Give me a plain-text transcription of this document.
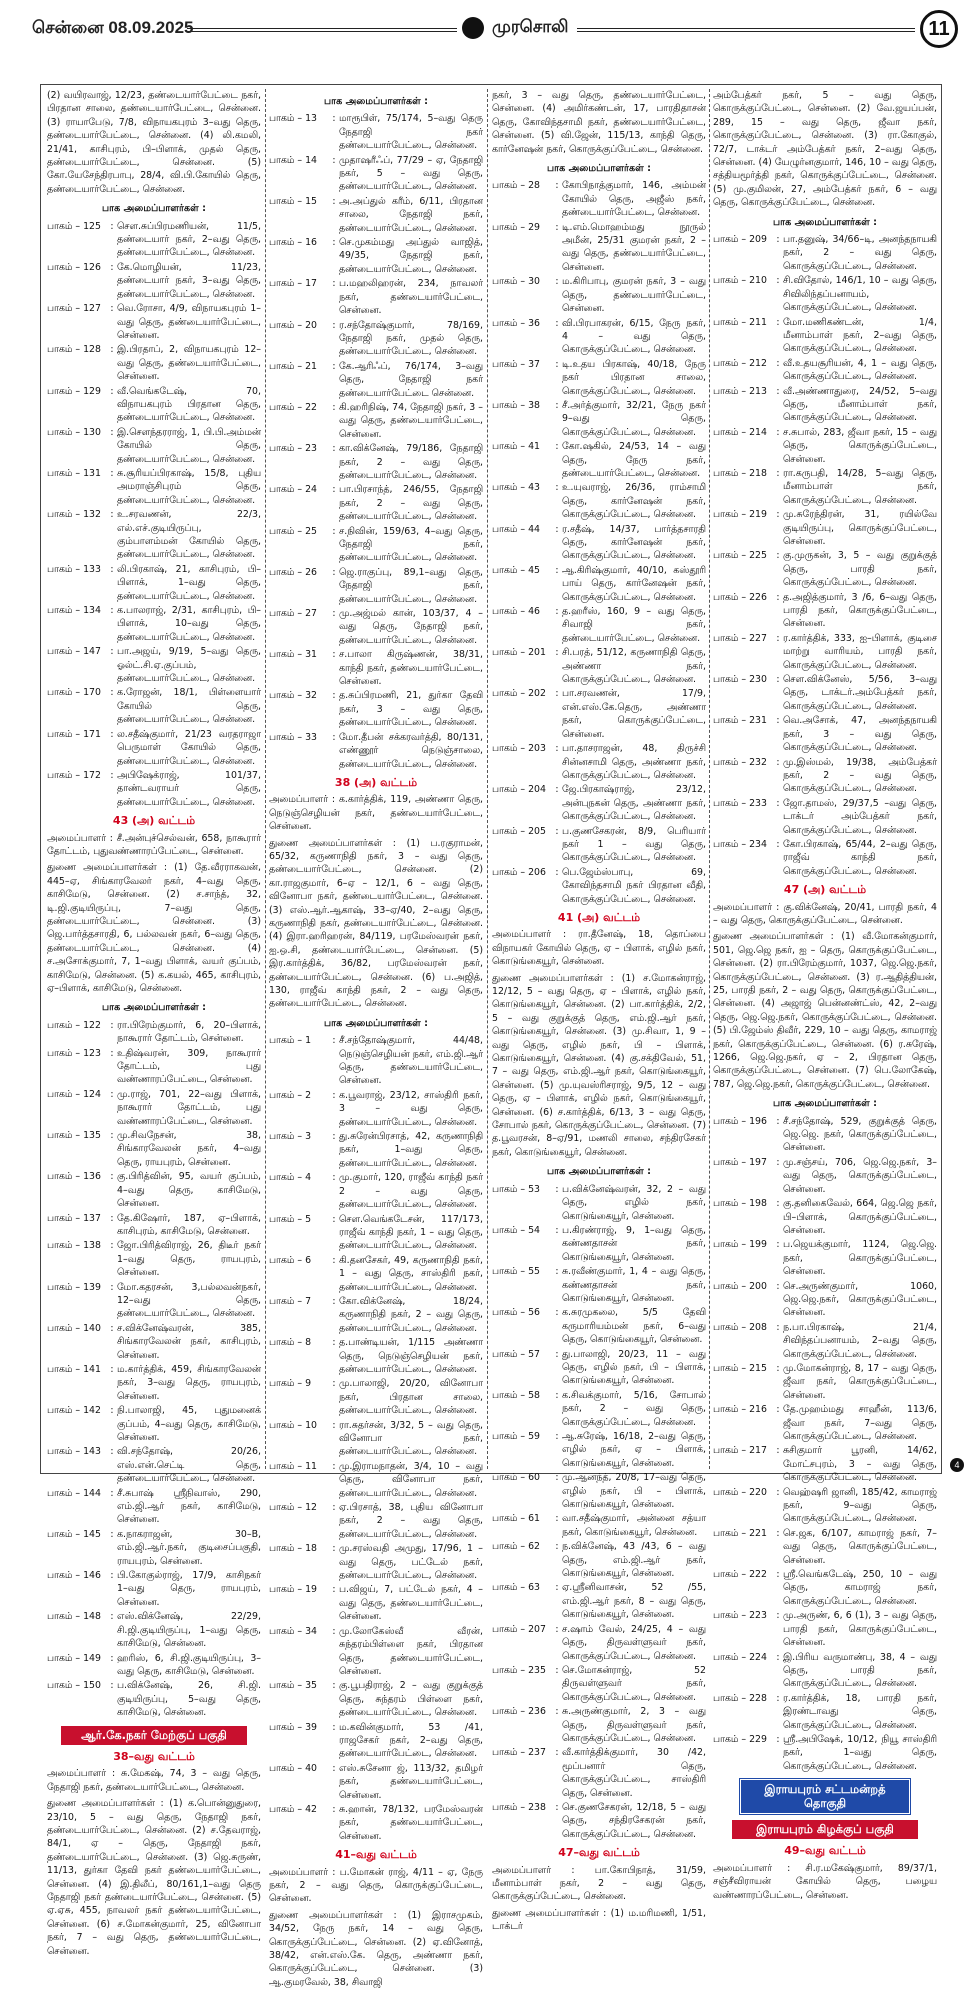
சென்னை 08.09.2025	முரசொலி	11
(2) வயிரவாஜ், 12/23, தண்டையார்பேட்டை நகர், பிரதான சாலை, தண்டையார்பேட்டை, சென்னை. (3) ராயாபேடு, 7/8, விநாயகபுரம் 3–வது தெரு, தண்டையார்பேட்டை, சென்னை. (4) லி.கமலி, 21/41, காசிபுரம், பி–பிளாக், முதல் தெரு, தண்டையார்பேட்டை, சென்னை. (5) கோ.யேசேந்திரபாபு, 28/4, வி.பி.கோயில் தெரு, தண்டையார்பேட்டை, சென்னை.
பாக அமைப்பாளர்கள் :
பாகம் – 125	: சௌ.சுப்பிரமணியன், 11/5, தண்டையார் நகர், 2–வது தெரு, தண்டையார்பேட்டை, சென்னை.
பாகம் – 126	: கே.மொழியன், 11/23, தண்டையார் நகர், 3–வது தெரு, தண்டையார்பேட்டை, சென்னை.
பாகம் – 127	: வெ.ரோசா, 4/9, விநாயகபுரம் 1–வது தெரு, தண்டையார்பேட்டை, சென்னை.
பாகம் – 128	: இ.பிரதாப், 2, விநாயகபுரம் 12–வது தெரு, தண்டையார்பேட்டை, சென்னை.
பாகம் – 129	: வீ.வெங்கடேஷ், 70, விநாயகபுரம் பிரதான தெரு, தண்டையார்பேட்டை, சென்னை.
பாகம் – 130	: இ.சௌந்தரராஜ், 1, பி.பி.அம்மன் கோயில் தெரு, தண்டையார்பேட்டை, சென்னை.
பாகம் – 131	: சு.சூரியப்பிரகாஷ், 15/8, புதிய அமராஞ்சிபுரம் தெரு, தண்டையார்பேட்டை, சென்னை.
பாகம் – 132	: உ.சரவணன், 22/3, எல்.எச்.குடியிருப்பு, கும்பாளம்மன் கோயில் தெரு, தண்டையார்பேட்டை, சென்னை.
பாகம் – 133	: லி.பிரகாஷ், 21, காசிபுரம், பி–பிளாக், 1–வது தெரு, தண்டையார்பேட்டை, சென்னை.
பாகம் – 134	: க.பாலராஜ், 2/31, காசிபுரம், பி–பிளாக், 10–வது தெரு, தண்டையார்பேட்டை, சென்னை.
பாகம் – 147	: பா.அஜய், 9/19, 5–வது தெரு, ஓல்ட்.சி.ஏ.குப்பம், தண்டையார்பேட்டை, சென்னை.
பாகம் – 170	: க.ரோஜன், 18/1, பிள்ளையார் கோயில் தெரு, தண்டையார்பேட்டை, சென்னை.
பாகம் – 171	: ல.சதீஷ்குமார், 21/23 வரதராஜா பெருமாள் கோயில் தெரு, தண்டையார்பேட்டை, சென்னை.
பாகம் – 172	: அபிஷேக்ராஜ், 101/37, தாண்டவராயர் தெரு, தண்டையார்பேட்டை, சென்னை.
43 (அ) வட்டம்
அமைப்பாளர் : சீ.அன்புச்செல்வன், 658, நாகூரார் தோட்டம், புதுவண்ணாரப்பேட்டை, சென்னை.
துணை அமைப்பாளர்கள் : (1) தே.வீரராகவன், 445–ஏ, சிங்காரவேலர் நகர், 4–வது தெரு, காசிமேடு, சென்னை. (2) ச.சாந்த், 32, டி.ஜி.குடியிருப்பு, 7–வது தெரு, தண்டையார்பேட்டை, சென்னை. (3) ஜெ.பார்த்தசாரதி, 6, பல்லவன் நகர், 6–வது தெரு, தண்டையார்பேட்டை, சென்னை. (4) ச.அசோக்குமார், 7, 1–வது பிளாக், வயர் குப்பம், காசிமேடு, சென்னை. (5) க.கயல், 465, காசிபுரம், ஏ–பிளாக், காசிமேடு, சென்னை.
பாக அமைப்பாளர்கள் :
பாகம் – 122	: ரா.பிரேம்குமார், 6, 20–பிளாக், நாகூரார் தோட்டம், சென்னை.
பாகம் – 123	: உதிஷ்வரன், 309, நாகூரார் தோட்டம், புது வண்ணாரப்பேட்டை, சென்னை.
பாகம் – 124	: மு.ராஜ், 701, 22–வது பிளாக், நாகூரார் தோட்டம், புது வண்ணாரப்பேட்டை, சென்னை.
பாகம் – 135	: மு.சிவநேசன், 38, சிங்காரவேலன் நகர், 4–வது தெரு, ராயபுரம், சென்னை.
பாகம் – 136	: கு.பிரித்வின், 95, வயர் குப்பம், 4–வது தெரு, காசிமேடு, சென்னை.
பாகம் – 137	: தே.கிஷோர், 187, ஏ–பிளாக், காசிபுரம், காசிமேடு, சென்னை.
பாகம் – 138	: ஜோ.பிரித்விராஜ், 26, திடீர் நகர் 1–வது தெரு, ராயபுரம், சென்னை.
பாகம் – 139	: மோ.கதரசன், 3,பல்லவன்நகர், 12–வது தெரு, தண்டையார்பேட்டை, சென்னை.
பாகம் – 140	: ச.விக்னேஷ்வரன், 385, சிங்காரவேலன் நகர், காசிபுரம், சென்னை.
பாகம் – 141	: ம.கார்த்திக், 459, சிங்காரவேலன் நகர், 3–வது தெரு, ராயபுரம், சென்னை.
பாகம் – 142	: நி.பாலாஜி, 45, புதுமனைக் குப்பம், 4–வது தெரு, காசிமேடு, சென்னை.
பாகம் – 143	: வி.சந்தோஷ், 20/26, எஸ்.என்.செட்டி தெரு, தண்டையார்பேட்டை, சென்னை.
பாகம் – 144	: சீ.சுபாஷ் ஸ்ரீநிவாஸ், 290, எம்.ஜி.ஆர் நகர், காசிமேடு, சென்னை.
பாகம் – 145	: க.நாகராஜன், 30–B, எம்.ஜி.ஆர்.நகர், குடிசைப்பகுதி, ராயபுரம், சென்னை.
பாகம் – 146	: பி.கோகுல்ராஜ், 17/9, காசிநகர் 1–வது தெரு, ராயபுரம், சென்னை.
பாகம் – 148	: எஸ்.விக்னேஷ், 22/29, சி.ஜி.குடியிருப்பு, 1–வது தெரு, காசிமேடு, சென்னை.
பாகம் – 149	: ஹரிஸ், 6, சி.ஜி.குடியிருப்பு, 3–வது தெரு, காசிமேடு, சென்னை.
பாகம் – 150	: ப.விக்னேஷ், 26, சி.ஜி. குடியிருப்பு, 5–வது தெரு, காசிமேடு, சென்னை.
ஆர்.கே.நகர் மேற்குப் பகுதி
38–வது வட்டம்
அமைப்பாளர் : சு.மேகஷ், 74, 3 – வது தெரு, நேதாஜி நகர், தண்டையார்பேட்டை, சென்னை.
துணை அமைப்பாளர்கள் : (1) க.பொன்னுதுரை, 23/10, 5 – வது தெரு, நேதாஜி நகர், தண்டையார்பேட்டை, சென்னை. (2) ச.தேவராஜ், 84/1, ஏ – தெரு, நேதாஜி நகர், தண்டையார்பேட்டை, சென்னை. (3) ஜெ.சுருண், 11/13, துர்கா தேவி நகர் தண்டையார்பேட்டை, சென்னை. (4) இ.திலீப், 80/161,1–வது தெரு நேதாஜி நகர் தண்டையார்பேட்டை, சென்னை. (5) ஏ.ஏசு, 455, நாவலர் நகர் தண்டையார்பேட்டை, சென்னை. (6) ச.மோகன்குமார், 25, வினோபா நகர், 7 – வது தெரு, தண்டையார்பேட்டை, சென்னை.
பாக அமைப்பாளர்கள் :
பாகம் – 13	: மாரூபிள், 75/174, 5–வது தெரு நேதாஜி நகர் தண்டையார்பேட்டை, சென்னை.
பாகம் – 14	: முதாஷரீஃப், 77/29 – ஏ, நேதாஜி நகர், 5 – வது தெரு, தண்டையார்பேட்டை, சென்னை.
பாகம் – 15	: அ.அப்துல் கரீம், 6/11, பிரதான சாலை, நேதாஜி நகர், தண்டையார்பேட்டை, சென்னை.
பாகம் – 16	: செ.முகம்மது அப்துல் வாஜித், 49/35, நேதாஜி நகர், தண்டையார்பேட்டை, சென்னை.
பாகம் – 17	: ப.மஹலிஹரன், 234, நாவலர் நகர், தண்டையார்பேட்டை, சென்னை.
பாகம் – 20	: ர.சந்தோஷ்குமார், 78/169, நேதாஜி நகர், முதல் தெரு, தண்டையார்பேட்டை, சென்னை.
பாகம் – 21	: கே.ஆரிஃப், 76/174, 3–வது தெரு, நேதாஜி நகர் தண்டையார்பேட்டை சென்னை.
பாகம் – 22	: கி.ஹரிநிஷ், 74, நேதாஜி நகர், 3 – வது தெரு, தண்டையார்பேட்டை, சென்னை.
பாகம் – 23	: கா.விக்னேஷ், 79/186, நேதாஜி நகர், 2 – வது தெரு, தண்டையார்பேட்டை, சென்னை.
பாகம் – 24	: பா.பிரசாந்த், 246/55, நேதாஜி நகர், 2 – வது தெரு, தண்டையார்பேட்டை, சென்னை.
பாகம் – 25	: ச.நிவின், 159/63, 4–வது தெரு, நேதாஜி நகர், தண்டையார்பேட்டை, சென்னை.
பாகம் – 26	: ஜெ.ராகுப்பு, 89,1–வது தெரு, நேதாஜி நகர், தண்டையார்பேட்டை, சென்னை.
பாகம் – 27	: மு.அஜ்மல் கான், 103/37, 4 – வது தெரு, நேதாஜி நகர், தண்டையார்பேட்டை, சென்னை.
பாகம் – 31	: ச.பாலா கிருஷ்ணன், 38/31, காந்தி நகர், தண்டையார்பேட்டை, சென்னை.
பாகம் – 32	: த.சுப்பிரமணி, 21, துர்கா தேவி நகர், 3 – வது தெரு, தண்டையார்பேட்டை, சென்னை.
பாகம் – 33	: மோ.தீபன் சக்கரவர்த்தி, 80/131, எண்ணூர் நெடுஞ்சாலை, தண்டையார்பேட்டை, சென்னை.
38 (அ) வட்டம்
அமைப்பாளர் : க.கார்த்திக், 119, அண்ணா தெரு, நெடுஞ்செழியன் நகர், தண்டையார்பேட்டை, சென்னை.
துணை அமைப்பாளர்கள் : (1) ப.ரகுராமன், 65/32, கருணாநிதி நகர், 3 – வது தெரு, தண்டையார்பேட்டை, சென்னை. (2) கா.ராஜகுமார், 6–ஏ – 12/1, 6 – வது தெரு, வினோபா நகர், தண்டையார்பேட்டை, சென்னை. (3) எஸ்.ஆர்.ஆகாஷ், 33–ஏ/40, 2–வது தெரு, கருணாநிதி நகர், தண்டையார்பேட்டை, சென்னை. (4) இரா.ஹரிஹரன், 84/119, பரமேஸ்வரன் நகர், ஐ.ஒ.சி, தண்டையார்பேட்டை, சென்னை. (5) இர.கார்த்திக், 36/82, பரமேஸ்வரன் நகர், தண்டையார்பேட்டை, சென்னை. (6) ப.அஜித், 130, ராஜீவ் காந்தி நகர், 2 – வது தெரு, தண்டையார்பேட்டை, சென்னை.
பாக அமைப்பாளர்கள் :
பாகம் – 1	: சீ.சந்தோஷ்குமார், 44/48, நெடுஞ்செழியன் நகர், எம்.ஜி.ஆர் தெரு, தண்டையார்பேட்டை, சென்னை.
பாகம் – 2	: க.பூவராஜ், 23/12, சாஸ்திரி நகர், 3 – வது தெரு, தண்டையார்பேட்டை, சென்னை.
பாகம் – 3	: து.சுரேன்பிரசாத், 42, கருணாநிதி நகர், 1–வது தெரு, தண்டையார்பேட்டை, சென்னை.
பாகம் – 4	: மு.குமார், 120, ராஜீவ் காந்தி நகர் 2 – வது தெரு, தண்டையார்பேட்டை, சென்னை.
பாகம் – 5	: சௌ.வெங்கடேசன், 117/173, ராஜீவ் காந்தி நகர், 1 – வது தெரு, தண்டையார்பேட்டை, சென்னை.
பாகம் – 6	: கி.தனசேகர், 49, கருணாநிதி நகர், 1 – வது தெரு, சாஸ்திரி நகர், தண்டையார்பேட்டை, சென்னை.
பாகம் – 7	: கோ.விக்னேஷ், 18/24, கருணாநிதி நகர், 2 – வது தெரு, தண்டையார்பேட்டை, சென்னை.
பாகம் – 8	: த.பாண்டியன், 1/115 அண்ணா தெரு, நெடுஞ்செழியன் நகர், தண்டையார்பேட்டை, சென்னை.
பாகம் – 9	: மு.பாலாஜி, 20/20, வினோபா நகர், பிரதான சாலை, தண்டையார்பேட்டை, சென்னை.
பாகம் – 10	: ரா.சுதர்சன், 3/32, 5 – வது தெரு, வினோபா நகர், தண்டையார்பேட்டை, சென்னை.
பாகம் – 11	: மு.இராமநாதன், 3/4, 10 – வது தெரு, வினோபா நகர், தண்டையார்பேட்டை, சென்னை.
பாகம் – 12	: ஏ.பிரசாத், 38, புதிய வினோபா நகர், 2 – வது தெரு, தண்டையார்பேட்டை, சென்னை.
பாகம் – 18	: மு.சரஸ்வதி அமுது, 17/96, 1 – வது தெரு, பட்டேல் நகர், தண்டையார்பேட்டை, சென்னை.
பாகம் – 19	: ப.விஜய், 7, பட்டேல் நகர், 4 – வது தெரு, தண்டையார்பேட்டை, சென்னை.
பாகம் – 34	: மு.லோகேஸ்வீ வீரன், சுந்தரம்பிள்ளை நகர், பிரதான தெரு, தண்டையார்பேட்டை, சென்னை.
பாகம் – 35	: கு.பூபதிராஜ், 2 – வது குறுக்குத் தெரு, சுந்தரம் பிள்ளை நகர், தண்டையார்பேட்டை, சென்னை.
பாகம் – 39	: ம.கவின்குமார், 53 /41, ராஜசேகர் நகர், 2–வது தெரு, தண்டையார்பேட்டை, சென்னை.
பாகம் – 40	: எஸ்.சுசேனா ஜ், 113/32, தமிழர் நகர், தண்டையார்பேட்டை, சென்னை.
பாகம் – 42	: சு.ஹான், 78/132, பரமேஸ்வரன் நகர், தண்டையார்பேட்டை, சென்னை.
41–வது வட்டம்
அமைப்பாளர் : ப.மோகன் ராஜ், 4/11 – ஏ, நேரு நகர், 2 – வது தெரு, கொருக்குப்பேட்டை, சென்னை.
துணை அமைப்பாளர்கள் : (1) இராசமுகம், 34/52, நேரு நகர், 14 – வது தெரு, கொருக்குப்பேட்டை, சென்னை. (2) ஏ.வினோத், 38/42, என்.எஸ்.கே. தெரு, அண்ணா நகர், கொருக்குப்பேட்டை, சென்னை. (3) ஆ.குமரவேல், 38, சிவாஜி
நகர், 3 – வது தெரு, தண்டையார்பேட்டை, சென்னை. (4) அமிர்கண்டன், 17, பாரதிதாசன் தெரு, கோவிந்தசாமி நகர், தண்டையார்பேட்டை, சென்னை. (5) வி.ஜேன், 115/13, காந்தி தெரு, கார்னேஷன் நகர், கொருக்குப்பேட்டை, சென்னை.
பாக அமைப்பாளர்கள் :
பாகம் – 28	: கோபிநாத்குமார், 146, அம்மன் கோயில் தெரு, அஜீஸ் நகர், தண்டையார்பேட்டை, சென்னை.
பாகம் – 29	: டி.எம்.மொஹம்மது நூருல் அமீன், 25/31 குமரன் நகர், 2 – வது தெரு, தண்டையார்பேட்டை, சென்னை.
பாகம் – 30	: ம.கிரிபாபு, குமரன் நகர், 3 – வது தெரு, தண்டையார்பேட்டை, சென்னை.
பாகம் – 36	: வி.பிரபாகரன், 6/15, நேரு நகர், 4 – வது தெரு, கொருக்குப்பேட்டை, சென்னை.
பாகம் – 37	: டி.உதய பிரகாஷ், 40/18, நேரு நகர் பிரதான சாலை, கொருக்குப்பேட்டை, சென்னை.
பாகம் – 38	: சீ.அர்த்குமார், 32/21, நேரு நகர் 9–வது தெரு, கொருக்குப்பேட்டை, சென்னை.
பாகம் – 41	: கோ.ஷகில், 24/53, 14 – வது தெரு, நேரு நகர், தண்டையார்பேட்டை, சென்னை.
பாகம் – 43	: உ.யுவராஜ், 26/36, ராம்சாமி தெரு, கார்னேஷன் நகர், கொருக்குப்பேட்டை, சென்னை.
பாகம் – 44	: ர.சதீஷ், 14/37, பார்த்தசாரதி தெரு, கார்னேஷன் நகர், கொருக்குப்பேட்டை, சென்னை.
பாகம் – 45	: ஆ.கிரிஷ்குமார், 40/10, கஸ்தூரி பாய் தெரு, கார்னேஷன் நகர், கொருக்குப்பேட்டை, சென்னை.
பாகம் – 46	: த.ஹரீஸ், 160, 9 – வது தெரு, சிவாஜி நகர், தண்டையார்பேட்டை, சென்னை.
பாகம் – 201	: சி.பரத், 51/12, கருணாநிதி தெரு, அண்ணா நகர், கொருக்குப்பேட்டை, சென்னை.
பாகம் – 202	: பா.சரவணன், 17/9, என்.எஸ்.கே.தெரு, அண்ணா நகர், கொருக்குப்பேட்டை, சென்னை.
பாகம் – 203	: பா.தாசராஜன், 48, திருச்சி சின்னசாமி தெரு, அண்ணா நகர், கொருக்குப்பேட்டை, சென்னை.
பாகம் – 204	: ஜே.பிரகாஷ்ராஜ், 23/12, அன்புநகன் தெரு, அண்ணா நகர், கொருக்குப்பேட்டை, சென்னை.
பாகம் – 205	: ப.குணசேகரன், 8/9, பெரியார் நகர் 1 – வது தெரு, கொருக்குப்பேட்டை, சென்னை.
பாகம் – 206	: பெ.ஜேம்ஸ்பாபு, 69, கோவிந்தசாமி நகர் பிரதான வீதி, கொருக்குப்பேட்டை, சென்னை.
41 (அ) வட்டம்
அமைப்பாளர் : ரா.தீனேஷ், 18, தொப்பை விநாயகர் கோயில் தெரு, ஏ – பிளாக், எழில் நகர், கொடுங்கையூர், சென்னை.
துணை அமைப்பாளர்கள் : (1) ச.மோகன்ராஜ், 12/12, 5 – வது தெரு, ஏ – பிளாக், எழில் நகர், கொடுங்கையூர், சென்னை. (2) பா.கார்த்திக், 2/2, 5 – வது குறுக்குத் தெரு, எம்.ஜி.ஆர் நகர், கொடுங்கையூர், சென்னை. (3) மு.சிவா, 1, 9 – வது தெரு, எழில் நகர், பி – பிளாக், கொடுங்கையூர், சென்னை. (4) கு.சக்திவேல், 51, 7 – வது தெரு, எம்.ஜி.ஆர் நகர், கொடுங்கையூர், சென்னை. (5) மு.யுவஸ்ரிசராஜ், 9/5, 12 – வது தெரு, ஏ – பிளாக், எழில் நகர், கொடுங்கையூர், சென்னை. (6) ச.கார்த்திக், 6/13, 3 – வது தெரு, சோபால் நகர், கொருக்குப்பேட்டை, சென்னை. (7) த.பூவரசன், 8–ஏ/91, மணலி சாலை, சந்திரசேகர் நகர், கொடுங்கையூர், சென்னை.
பாக அமைப்பாளர்கள் :
பாகம் – 53	: ப.விக்னேஷ்வரன், 32, 2 – வது தெரு, எழில் நகர், கொடுங்கையூர், சென்னை.
பாகம் – 54	: ப.கிரண்ராஜ், 9, 1–வது தெரு, கண்ணதாசன் நகர், கொடுங்கையூர், சென்னை.
பாகம் – 55	: சு.ரவீண்குமார், 1, 4 – வது தெரு, கண்ணதாசன் நகர், கொடுங்கையூர், சென்னை.
பாகம் – 56	: க.சுரமுகலை, 5/5 தேவி கருமாரியம்மன் நகர், 6–வது தெரு, கொடுங்கையூர், சென்னை.
பாகம் – 57	: து.பாலாஜி, 20/23, 11 – வது தெரு, எழில் நகர், பி – பிளாக், கொடுங்கையூர், சென்னை.
பாகம் – 58	: க.சிவக்குமார், 5/16, சோபால் நகர், 2 – வது தெரு, கொருக்குப்பேட்டை, சென்னை.
பாகம் – 59	: ஆ.சுரேஷ், 16/18, 2–வது தெரு, எழில் நகர், ஏ – பிளாக், கொடுங்கையூர், சென்னை.
பாகம் – 60	: மு.ஆனந்த், 20/8, 17–வது தெரு, எழில் நகர், பி – பிளாக், கொடுங்கையூர், சென்னை.
பாகம் – 61	: வா.சதீஷ்குமார், அன்னை சத்யா நகர், கொடுங்கையூர், சென்னை.
பாகம் – 62	: ந.விக்னேஷ், 43 /43, 6 – வது தெரு, எம்.ஜி.ஆர் நகர், கொடுங்கையூர், சென்னை.
பாகம் – 63	: ஏ.ஸ்ரீனிவாசன், 52 /55, எம்.ஜி.ஆர் நகர், 8 – வது தெரு, கொடுங்கையூர், சென்னை.
பாகம் – 207	: ச.ஷாம் வேல், 24/25, 4 – வது தெரு, திருவள்ளுவர் நகர், கொருக்குப்பேட்டை, சென்னை.
பாகம் – 235	: செ.மோகன்ராஜ், 52 திருவள்ளுவர் நகர், கொருக்குப்பேட்டை, சென்னை.
பாகம் – 236	: சு.அருண்குமார், 2, 3 – வது தெரு, திருவள்ளுவர் நகர், கொருக்குப்பேட்டை, சென்னை.
பாகம் – 237	: வீ.கார்த்திக்குமார், 30 /42, மூப்பனார் தெரு, கொருக்குப்பேட்டை, சாஸ்திரி தெரு, சென்னை.
பாகம் – 238	: செ.குணசேகரன், 12/18, 5 – வது தெரு, சந்திரசேகரன் நகர், கொருக்குப்பேட்டை, சென்னை.
47–வது வட்டம்
அமைப்பாளர் : பா.கோபிநாத், 31/59, மீனாம்பாள் நகர், 2 – வது தெரு, கொருக்குப்பேட்டை, சென்னை.
துணை அமைப்பாளர்கள் : (1) ம.மரிமணி, 1/51, டாக்டர்
அம்பேத்கர் நகர், 5 – வது தெரு, கொருக்குப்பேட்டை, சென்னை. (2) வே.ஜயப்பன், 289, 15 – வது தெரு, ஜீவா நகர், கொருக்குப்பேட்டை, சென்னை. (3) ரா.கோகுல், 72/7, டாக்டர் அம்பேத்கர் நகர், 2–வது தெரு, சென்னை. (4) யேழுர்னகுமார், 146, 10 – வது தெரு, சத்தியமூர்த்தி நகர், கொருக்குப்பேட்டை, சென்னை. (5) மு.குமிலன், 27, அம்பேத்கர் நகர், 6 – வது தெரு, கொருக்குப்பேட்டை, சென்னை.
பாக அமைப்பாளர்கள் :
பாகம் – 209	: பா.தனுஷ், 34/66–டி, அனந்தநாயகி நகர், 2 – வது தெரு, கொருக்குப்பேட்டை, சென்னை.
பாகம் – 210	: சி.விதோல், 146/1, 10 – வது தெரு, சிவிலிந்தப்பனாயம், கொருக்குப்பேட்டை, சென்னை.
பாகம் – 211	: மோ.மணிகண்டன், 1/4, மீனாம்பாள் நகர், 2–வது தெரு, கொருக்குப்பேட்டை, சென்னை.
பாகம் – 212	: வீ.உதயசூரியன், 4, 1 – வது தெரு, கொருக்குப்பேட்டை, சென்னை.
பாகம் – 213	: வீ.அண்ணாதுரை, 24/52, 5–வது தெரு, மீனாம்பாள் நகர், கொருக்குப்பேட்டை, சென்னை.
பாகம் – 214	: ச.சுபால், 283, ஜீவா நகர், 15 – வது தெரு, கொருக்குப்பேட்டை, சென்னை.
பாகம் – 218	: ரா.கருபதி, 14/28, 5–வது தெரு, மீனாம்பாள் நகர், கொருக்குப்பேட்டை, சென்னை.
பாகம் – 219	: மு.சுரேந்திரன், 31, ரயில்வே குடியிருப்பு, கொருக்குப்பேட்டை, சென்னை.
பாகம் – 225	: கு.முருகன், 3, 5 – வது குறுக்குத் தெரு, பாரதி நகர், கொருக்குப்பேட்டை, சென்னை.
பாகம் – 226	: த.அஜித்குமார், 3 /6, 6–வது தெரு, பாரதி நகர், கொருக்குப்பேட்டை, சென்னை.
பாகம் – 227	: ர.கார்த்திக், 333, ஐ–பிளாக், குடிசை மாற்று வாரியம், பாரதி நகர், கொருக்குப்பேட்டை, சென்னை.
பாகம் – 230	: செள.விக்னேஸ், 5/56, 3–வது தெரு, டாக்டர்.அம்பேத்கர் நகர், கொருக்குப்பேட்டை, சென்னை.
பாகம் – 231	: வெ.அசோக், 47, அனந்தநாயகி நகர், 3 – வது தெரு, கொருக்குப்பேட்டை, சென்னை.
பாகம் – 232	: மு.இஸ்மல், 19/38, அம்பேத்கர் நகர், 2 – வது தெரு, கொருக்குப்பேட்டை, சென்னை.
பாகம் – 233	: ஜோ.தாமஸ், 29/37,5 –வது தெரு, டாக்டர் அம்பேத்கர் நகர், கொருக்குப்பேட்டை, சென்னை.
பாகம் – 234	: கோ.பிரகாஷ், 65/44, 2–வது தெரு, ராஜீவ் காந்தி நகர், கொருக்குப்பேட்டை, சென்னை.
47 (அ) வட்டம்
அமைப்பாளர் : கு.விக்னேஷ், 20/41, பாரதி நகர், 4 – வது தெரு, கொருக்குப்பேட்டை, சென்னை.
துணை அமைப்பாளர்கள் : (1) வீ.மோகன்குமார், 501, ஜெ.ஜெ நகர், ஐ – தெரு, கொருக்குப்பேட்டை, சென்னை. (2) ரா.பிரேம்குமார், 1037, ஜெ.ஜெ.நகர், கொருக்குப்பேட்டை, சென்னை. (3) ர.ஆதித்தியன், 25, பாரதி நகர், 2 – வது தெரு, கொருக்குப்பேட்டை, சென்னை. (4) அஜாஜ் பென்னண்ட்ஸ், 42, 2–வது தெரு, ஜெ.ஜெ.நகர், கொருக்குப்பேட்டை, சென்னை. (5) பி.ஜேம்ஸ் திவீர், 229, 10 – வது தெரு, காமராஜ் நகர், கொருக்குப்பேட்டை, சென்னை. (6) ர.சுரேஷ், 1266, ஜெ.ஜெ.நகர், ஏ – 2, பிரதான தெரு, கொருக்குப்பேட்டை, சென்னை. (7) பெ.லோகேஷ், 787, ஜெ.ஜெ.நகர், கொருக்குப்பேட்டை, சென்னை.
பாக அமைப்பாளர்கள் :
பாகம் – 196	: சீ.சந்தோஷ், 529, குறுக்குத் தெரு, ஜெ.ஜெ. நகர், கொருக்குப்பேட்டை, சென்னை.
பாகம் – 197	: மு.சஞ்சய், 706, ஜெ.ஜெ.நகர், 3–வது தெரு, கொருக்குப்பேட்டை, சென்னை.
பாகம் – 198	: கு.தனிகைவேல், 664, ஜெ.ஜெ நகர், பி–பிளாக், கொருக்குப்பேட்டை, சென்னை.
பாகம் – 199	: ப.ஜெயக்குமார், 1124, ஜெ.ஜெ. நகர், கொருக்குப்பேட்டை, சென்னை.
பாகம் – 200	: செ.அருண்குமார், 1060, ஜெ.ஜெ.நகர், கொருக்குப்பேட்டை, சென்னை.
பாகம் – 208	: ந.பா.பிரகாஷ், 21/4, சிவிந்தப்பனாயம், 2–வது தெரு, கொருக்குப்பேட்டை, சென்னை.
பாகம் – 215	: மு.மோகன்ராஜ், 8, 17 – வது தெரு, ஜீவா நகர், கொருக்குப்பேட்டை, சென்னை.
பாகம் – 216	: தே.முஹம்மது சாஹீன், 113/6, ஜீவா நகர், 7–வது தெரு, கொருக்குப்பேட்டை, சென்னை.
பாகம் – 217	: சுசிகுமார் பூரனி, 14/62, மோட்சபுரம், 3 – வது தெரு, கொருக்குப்பேட்டை, சென்னை.
பாகம் – 220	: வெஹ்ஷரி ஜானி, 185/42, காமராஜ் நகர், 9–வது தெரு, கொருக்குப்பேட்டை, சென்னை.
பாகம் – 221	: செ.ஜக, 6/107, காமராஜ் நகர், 7–வது தெரு, கொருக்குப்பேட்டை, சென்னை.
பாகம் – 222	: ஸ்ரீ.வெங்கடேஷ், 250, 10 – வது தெரு, காமராஜ் நகர், கொருக்குப்பேட்டை, சென்னை.
பாகம் – 223	: மு.அருண், 6, 6 (1), 3 – வது தெரு, பாரதி நகர், கொருக்குப்பேட்டை, சென்னை.
பாகம் – 224	: இ.பிரிய வருமாண்பு, 38, 4 – வது தெரு, பாரதி நகர், கொருக்குப்பேட்டை, சென்னை.
பாகம் – 228	: ர.கார்த்திக், 18, பாரதி நகர், இரண்டாவது தெரு, கொருக்குப்பேட்டை, சென்னை.
பாகம் – 229	: ஸ்ரீ.அபிஷேக், 10/12, நியூ சாஸ்திரி நகர், 1–வது தெரு, கொருக்குப்பேட்டை, சென்னை.
இராயபுரம் சட்டமன்றத் தொகுதி
இராயபுரம் கிழக்குப் பகுதி
49–வது வட்டம்
அமைப்பாளர் : சி.ர.மகேஷ்குமார், 89/37/1, சஞ்சீவிராயன் கோயில் தெரு, பழைய வண்ணாரப்பேட்டை, சென்னை.
4
